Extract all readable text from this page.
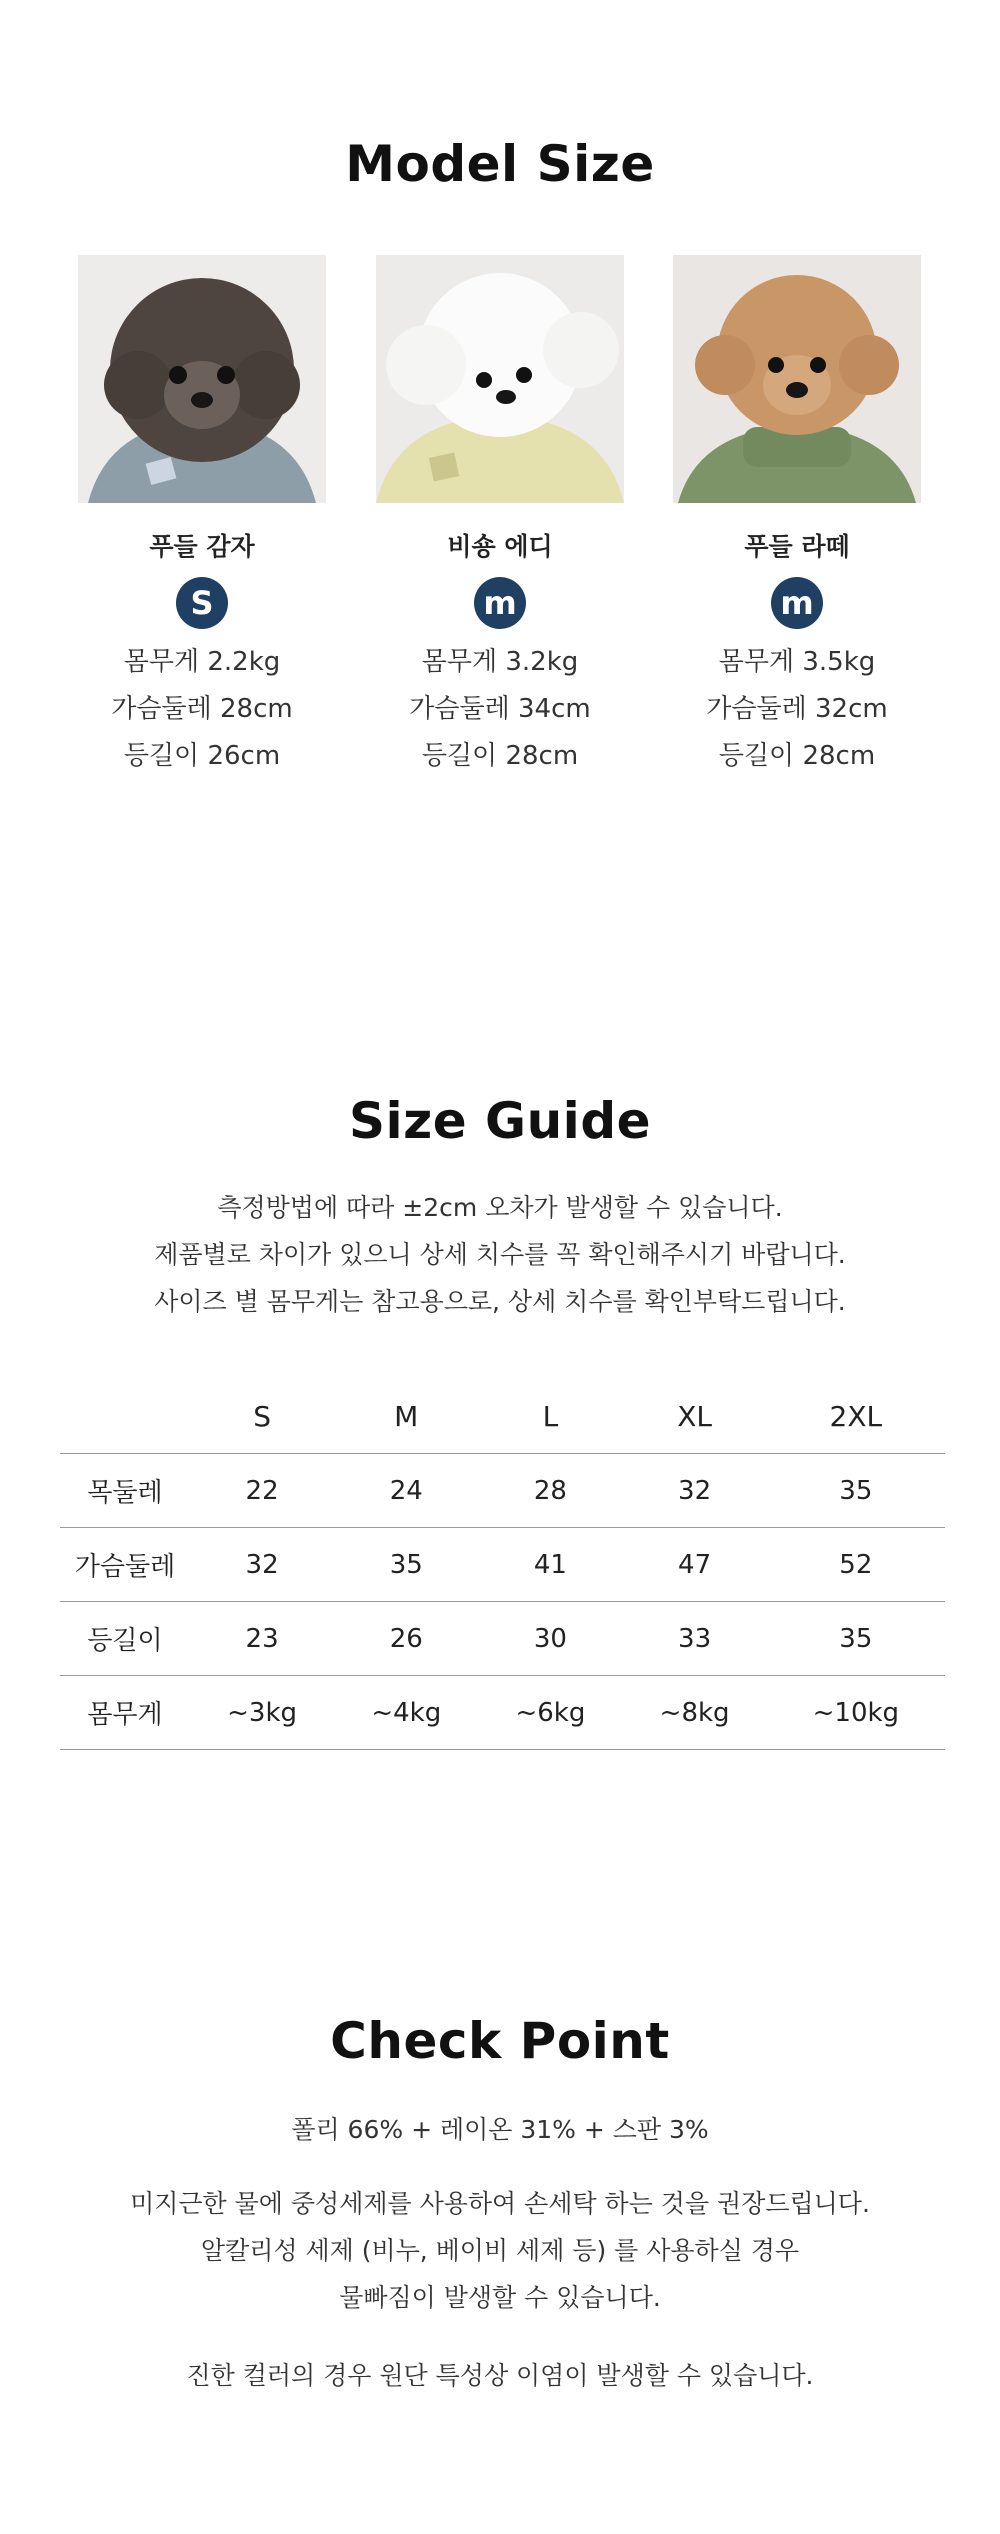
Model Size
푸들 감자
S
몸무게 2.2kg
가슴둘레 28cm
등길이 26cm
비숑 에디
m
몸무게 3.2kg
가슴둘레 34cm
등길이 28cm
푸들 라떼
m
몸무게 3.5kg
가슴둘레 32cm
등길이 28cm
Size Guide
측정방법에 따라 ±2cm 오차가 발생할 수 있습니다.
제품별로 차이가 있으니 상세 치수를 꼭 확인해주시기 바랍니다.
사이즈 별 몸무게는 참고용으로, 상세 치수를 확인부탁드립니다.
	S	M	L	XL	2XL
목둘레	22	24	28	32	35
가슴둘레	32	35	41	47	52
등길이	23	26	30	33	35
몸무게	~3kg	~4kg	~6kg	~8kg	~10kg
Check Point
폴리 66% + 레이온 31% + 스판 3%
미지근한 물에 중성세제를 사용하여 손세탁 하는 것을 권장드립니다.
알칼리성 세제 (비누, 베이비 세제 등) 를 사용하실 경우
물빠짐이 발생할 수 있습니다.
진한 컬러의 경우 원단 특성상 이염이 발생할 수 있습니다.
